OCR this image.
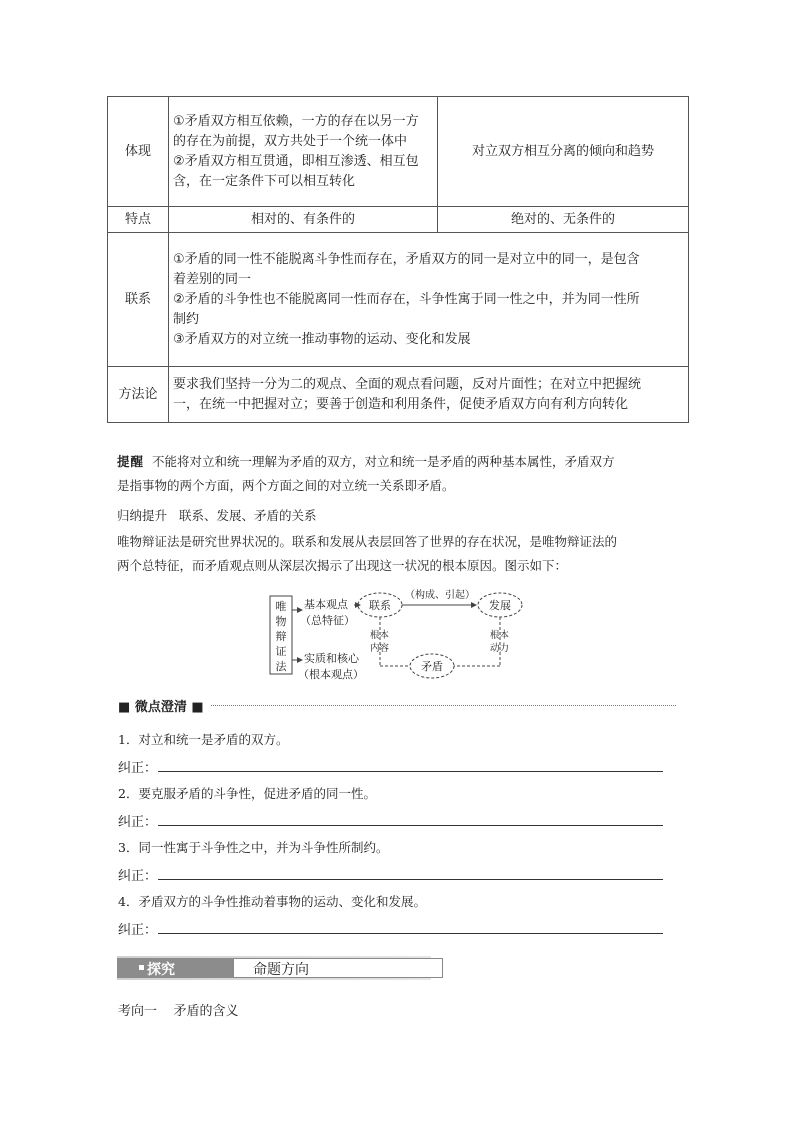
体现	①矛盾双方相互依赖，一方的存在以另一方

的存在为前提，双方共处于一个统一体中

②矛盾双方相互贯通，即相互渗透、相互包

含，在一定条件下可以相互转化	对立双方相互分离的倾向和趋势
特点	相对的、有条件的	绝对的、无条件的
联系	①矛盾的同一性不能脱离斗争性而存在，矛盾双方的同一是对立中的同一，是包含

着差别的同一

②矛盾的斗争性也不能脱离同一性而存在，斗争性寓于同一性之中，并为同一性所

制约

③矛盾双方的对立统一推动事物的运动、变化和发展	

方法论	要求我们坚持一分为二的观点、全面的观点看问题，反对片面性；在对立中把握统

一，在统一中把握对立；要善于创造和利用条件，促使矛盾双方向有利方向转化	

提醒 不能将对立和统一理解为矛盾的双方，对立和统一是矛盾的两种基本属性，矛盾双方
是指事物的两个方面，两个方面之间的对立统一关系即矛盾。
归纳提升 联系、发展、矛盾的关系
唯物辩证法是研究世界状况的。联系和发展从表层回答了世界的存在状况，是唯物辩证法的
两个总特征，而矛盾观点则从深层次揭示了出现这一状况的根本原因。图示如下：
唯
物
辩
证
法
基本观点
（总特征）
实质和核心
（根本观点）
联系	发展
矛盾
（构成、引起）
根本
内容
根本
动力
■ 微点澄清 ■
1．对立和统一是矛盾的双方。
纠正：
2．要克服矛盾的斗争性，促进矛盾的同一性。
纠正：
3．同一性寓于斗争性之中，并为斗争性所制约。
纠正：
4．矛盾双方的斗争性推动着事物的运动、变化和发展。
纠正：
探究	命题方向
考向一 矛盾的含义
